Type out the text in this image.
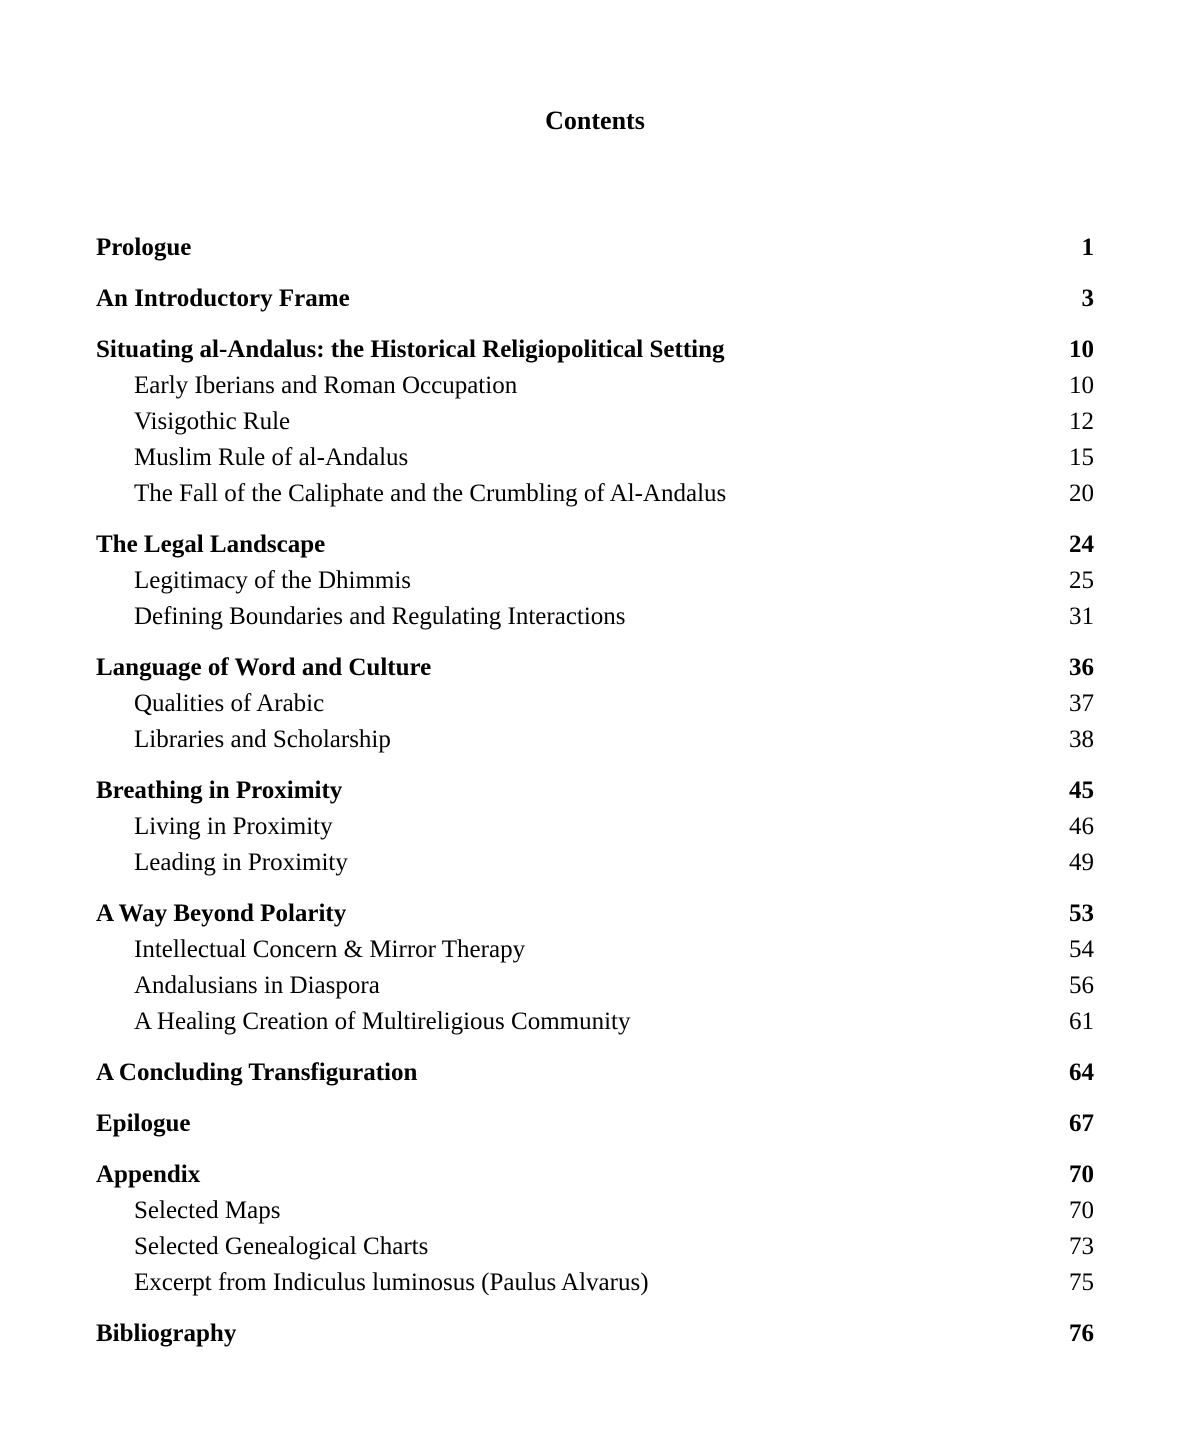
Contents
Prologue	1
An Introductory Frame	3
Situating al-Andalus: the Historical Religiopolitical Setting	10
Early Iberians and Roman Occupation	10
Visigothic Rule	12
Muslim Rule of al-Andalus	15
The Fall of the Caliphate and the Crumbling of Al-Andalus	20
The Legal Landscape	24
Legitimacy of the Dhimmis	25
Defining Boundaries and Regulating Interactions	31
Language of Word and Culture	36
Qualities of Arabic	37
Libraries and Scholarship	38
Breathing in Proximity	45
Living in Proximity	46
Leading in Proximity	49
A Way Beyond Polarity	53
Intellectual Concern & Mirror Therapy	54
Andalusians in Diaspora	56
A Healing Creation of Multireligious Community	61
A Concluding Transfiguration	64
Epilogue	67
Appendix	70
Selected Maps	70
Selected Genealogical Charts	73
Excerpt from Indiculus luminosus (Paulus Alvarus)	75
Bibliography	76
